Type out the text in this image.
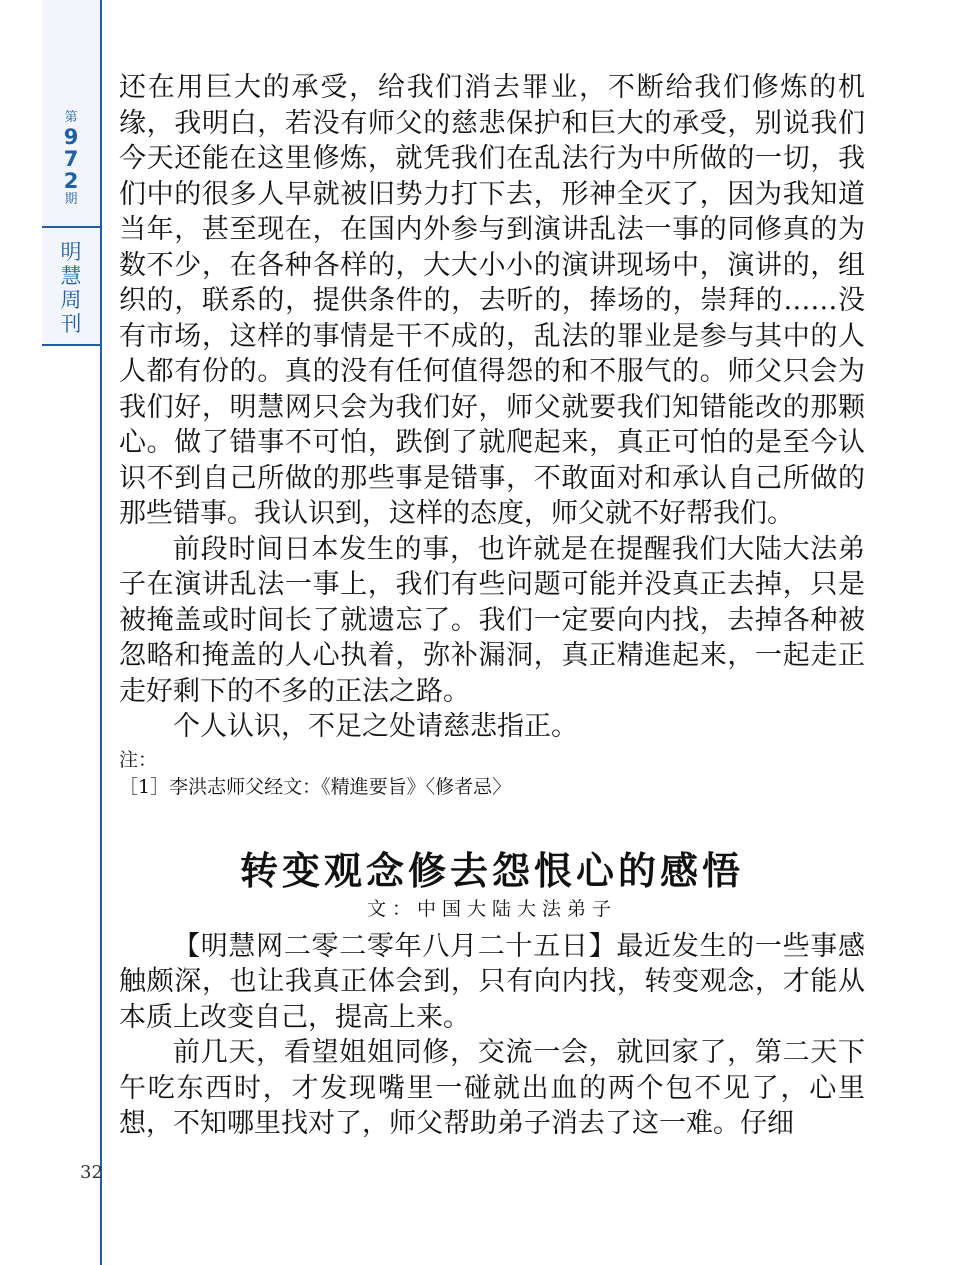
第
9
7
2
期
明
慧
周
刊
32

还在用巨大的承受，给我们消去罪业，不断给我们修炼的机缘，我明白，若没有师父的慈悲保护和巨大的承受，别说我们今天还能在这里修炼，就凭我们在乱法行为中所做的一切，我们中的很多人早就被旧势力打下去，形神全灭了，因为我知道当年，甚至现在，在国内外参与到演讲乱法一事的同修真的为数不少，在各种各样的，大大小小的演讲现场中，演讲的，组织的，联系的，提供条件的，去听的，捧场的，崇拜的……没有市场，这样的事情是干不成的，乱法的罪业是参与其中的人人都有份的。真的没有任何值得怨的和不服气的。师父只会为我们好，明慧网只会为我们好，师父就要我们知错能改的那颗心。做了错事不可怕，跌倒了就爬起来，真正可怕的是至今认识不到自己所做的那些事是错事，不敢面对和承认自己所做的那些错事。我认识到，这样的态度，师父就不好帮我们。

前段时间日本发生的事，也许就是在提醒我们大陆大法弟子在演讲乱法一事上，我们有些问题可能并没真正去掉，只是被掩盖或时间长了就遗忘了。我们一定要向内找，去掉各种被忽略和掩盖的人心执着，弥补漏洞，真正精進起来，一起走正走好剩下的不多的正法之路。

个人认识，不足之处请慈悲指正。

注：
［1］李洪志师父经文：《精進要旨》〈修者忌〉
转变观念修去怨恨心的感悟
文：中国大陆大法弟子

【明慧网二零二零年八月二十五日】最近发生的一些事感触颇深，也让我真正体会到，只有向内找，转变观念，才能从本质上改变自己，提高上来。

前几天，看望姐姐同修，交流一会，就回家了，第二天下午吃东西时，才发现嘴里一碰就出血的两个包不见了，心里想，不知哪里找对了，师父帮助弟子消去了这一难。仔细
